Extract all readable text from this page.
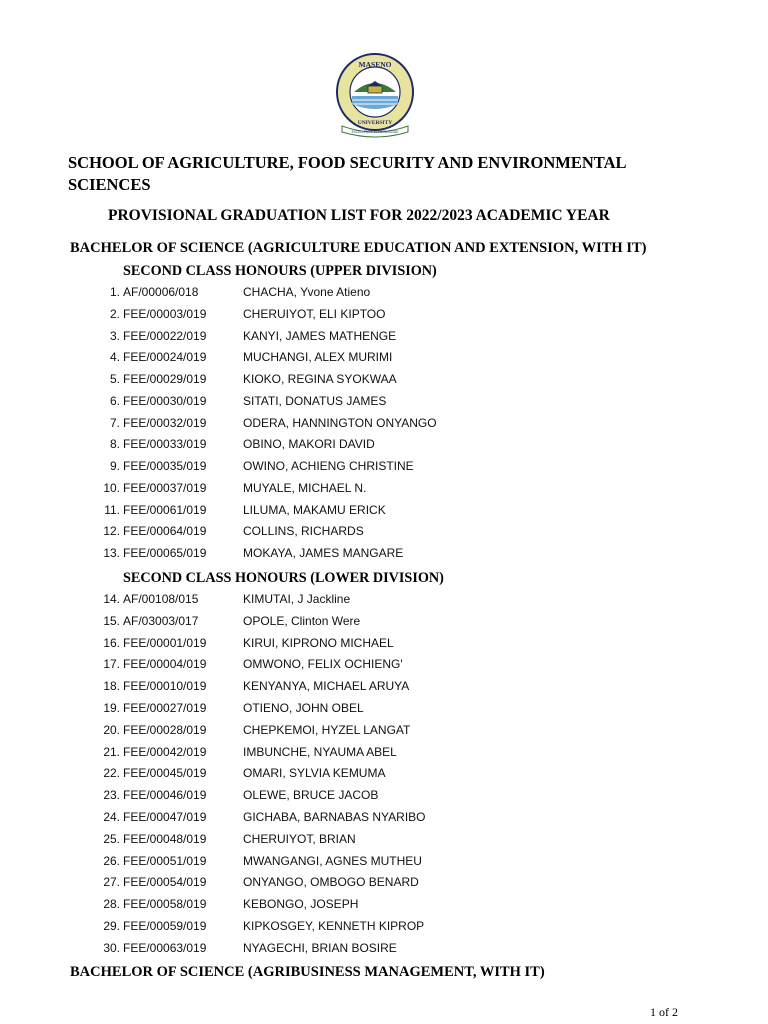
MASENO
UNIVERSITY
EXCELLENCE IN KNOWLEDGE
SCHOOL OF AGRICULTURE, FOOD SECURITY AND ENVIRONMENTAL SCIENCES
PROVISIONAL GRADUATION LIST FOR 2022/2023 ACADEMIC YEAR
BACHELOR OF SCIENCE (AGRICULTURE EDUCATION AND EXTENSION, WITH IT)
SECOND CLASS HONOURS (UPPER DIVISION)
1. AF/00006/018	CHACHA, Yvone Atieno
2. FEE/00003/019	CHERUIYOT, ELI KIPTOO
3. FEE/00022/019	KANYI, JAMES MATHENGE
4. FEE/00024/019	MUCHANGI, ALEX MURIMI
5. FEE/00029/019	KIOKO, REGINA SYOKWAA
6. FEE/00030/019	SITATI, DONATUS JAMES
7. FEE/00032/019	ODERA, HANNINGTON ONYANGO
8. FEE/00033/019	OBINO, MAKORI DAVID
9. FEE/00035/019	OWINO, ACHIENG CHRISTINE
10. FEE/00037/019	MUYALE, MICHAEL N.
11. FEE/00061/019	LILUMA, MAKAMU ERICK
12. FEE/00064/019	COLLINS, RICHARDS
13. FEE/00065/019	MOKAYA, JAMES MANGARE
SECOND CLASS HONOURS (LOWER DIVISION)
14. AF/00108/015	KIMUTAI, J Jackline
15. AF/03003/017	OPOLE, Clinton Were
16. FEE/00001/019	KIRUI, KIPRONO MICHAEL
17. FEE/00004/019	OMWONO, FELIX OCHIENG'
18. FEE/00010/019	KENYANYA, MICHAEL ARUYA
19. FEE/00027/019	OTIENO, JOHN OBEL
20. FEE/00028/019	CHEPKEMOI, HYZEL LANGAT
21. FEE/00042/019	IMBUNCHE, NYAUMA ABEL
22. FEE/00045/019	OMARI, SYLVIA KEMUMA
23. FEE/00046/019	OLEWE, BRUCE JACOB
24. FEE/00047/019	GICHABA, BARNABAS NYARIBO
25. FEE/00048/019	CHERUIYOT, BRIAN
26. FEE/00051/019	MWANGANGI, AGNES MUTHEU
27. FEE/00054/019	ONYANGO, OMBOGO BENARD
28. FEE/00058/019	KEBONGO, JOSEPH
29. FEE/00059/019	KIPKOSGEY, KENNETH KIPROP
30. FEE/00063/019	NYAGECHI, BRIAN BOSIRE
BACHELOR OF SCIENCE (AGRIBUSINESS MANAGEMENT, WITH IT)
1 of 2
